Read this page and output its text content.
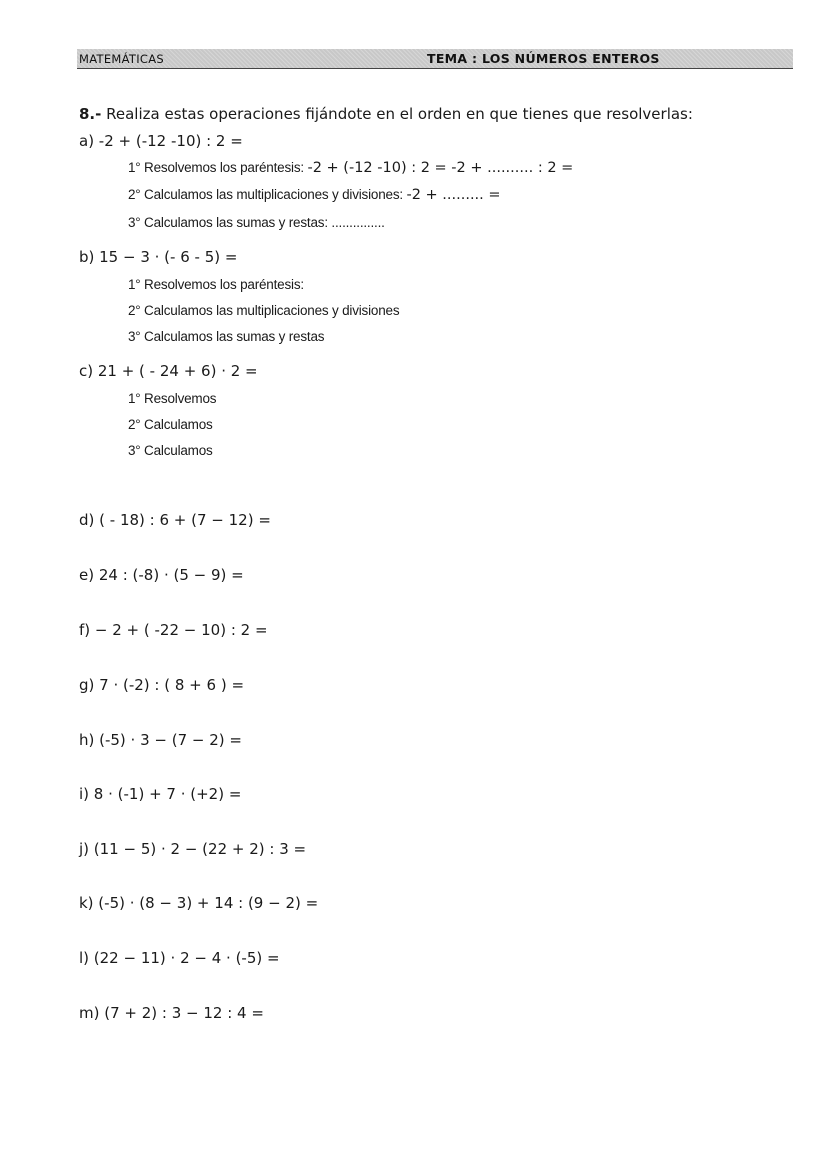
MATEMÁTICAS	TEMA : LOS NÚMEROS ENTEROS
8.- Realiza estas operaciones fijándote en el orden en que tienes que resolverlas:
a) -2 + (-12 -10) : 2 =
1° Resolvemos los paréntesis: -2 + (-12 -10) : 2 = -2 + .......... : 2 =
2° Calculamos las multiplicaciones y divisiones: -2 + ......... =
3° Calculamos las sumas y restas: ...............
b) 15 − 3 · (- 6 - 5) =
1° Resolvemos los paréntesis:
2° Calculamos las multiplicaciones y divisiones
3° Calculamos las sumas y restas
c) 21 + ( - 24 + 6) · 2 =
1° Resolvemos
2° Calculamos
3° Calculamos
d) ( - 18) : 6 + (7 − 12) =
e) 24 : (-8) · (5 − 9) =
f) − 2 + ( -22 − 10) : 2 =
g) 7 · (-2) : ( 8 + 6 ) =
h) (-5) · 3 − (7 − 2) =
i) 8 · (-1) + 7 · (+2) =
j) (11 − 5) · 2 − (22 + 2) : 3 =
k) (-5) · (8 − 3) + 14 : (9 − 2) =
l) (22 − 11) · 2 − 4 · (-5) =
m) (7 + 2) : 3 − 12 : 4 =
